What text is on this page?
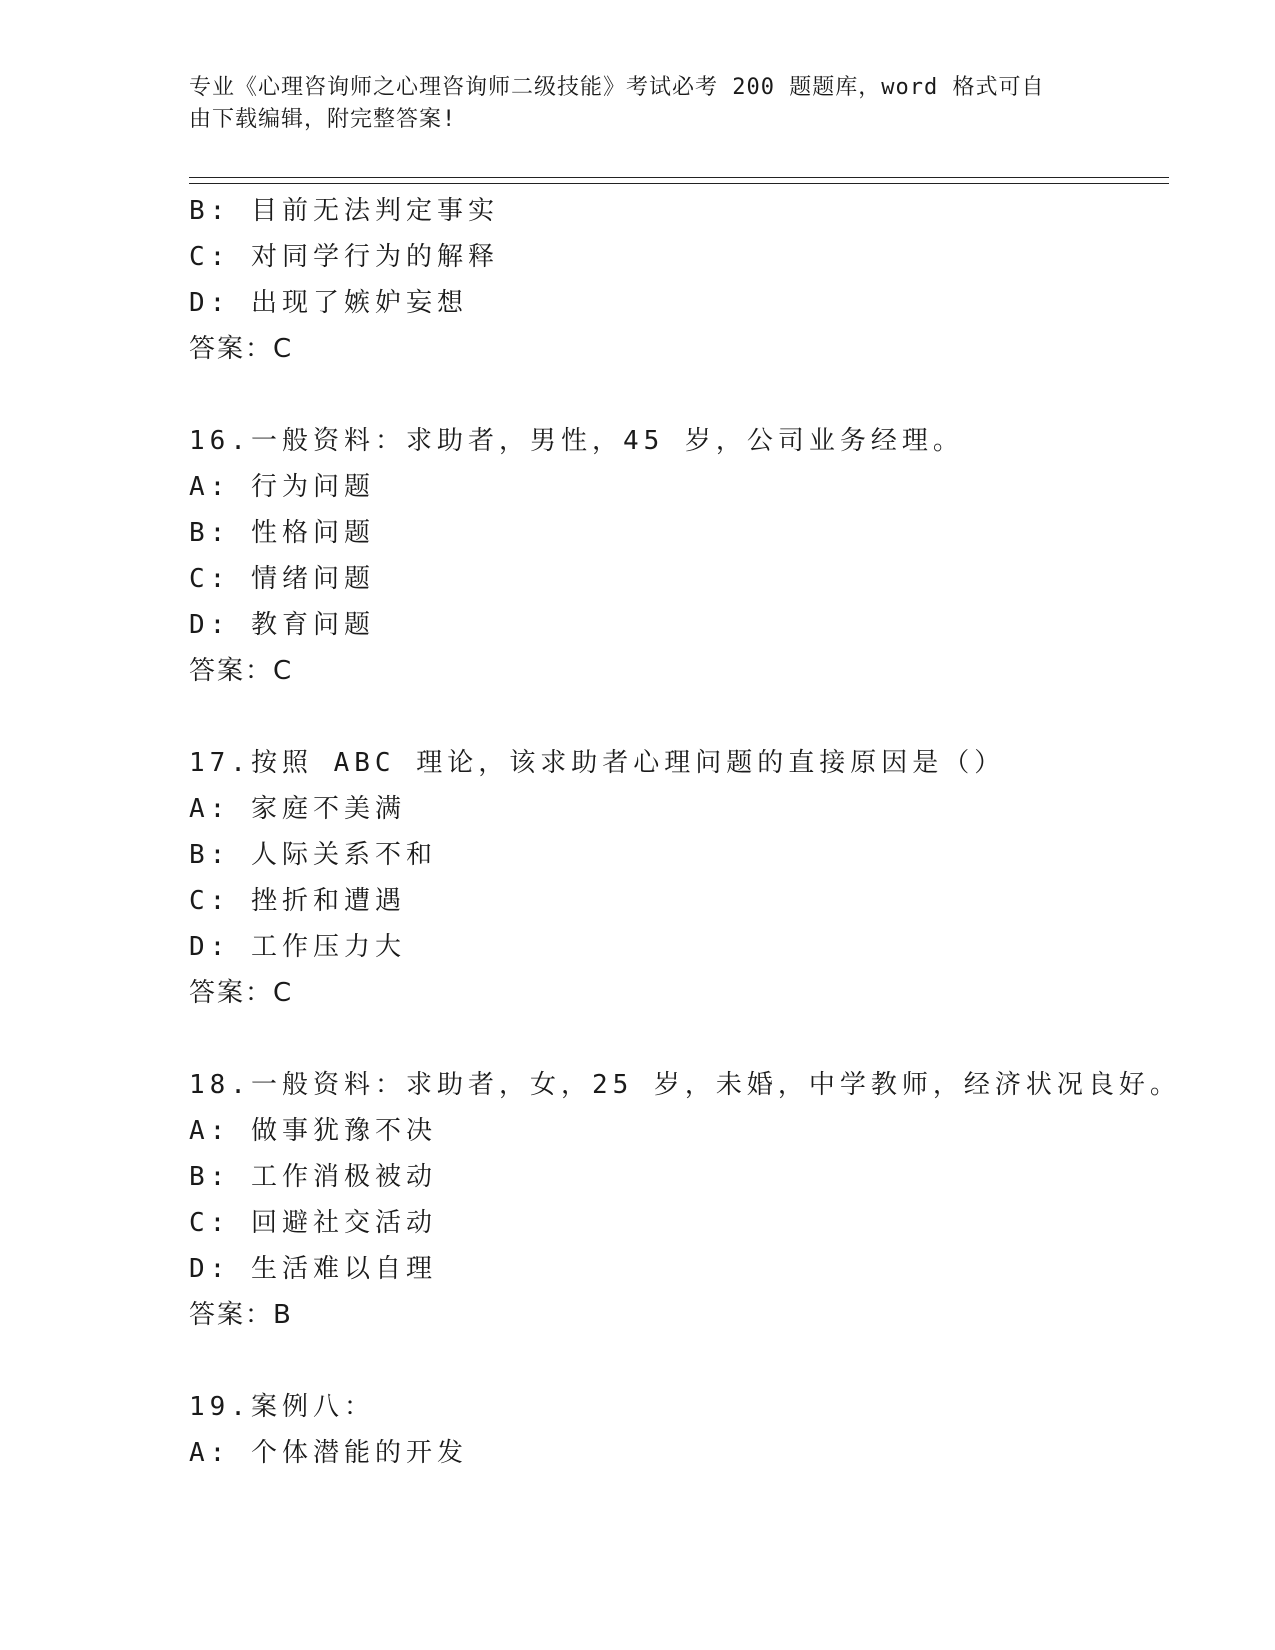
专业《心理咨询师之心理咨询师二级技能》考试必考 200 题题库，word 格式可自
由下载编辑，附完整答案!
B: 目前无法判定事实
C: 对同学行为的解释
D: 出现了嫉妒妄想
答案：C
16.一般资料：求助者，男性，45 岁，公司业务经理。
A: 行为问题
B: 性格问题
C: 情绪问题
D: 教育问题
答案：C
17.按照 ABC 理论，该求助者心理问题的直接原因是（）
A: 家庭不美满
B: 人际关系不和
C: 挫折和遭遇
D: 工作压力大
答案：C
18.一般资料：求助者，女，25 岁，未婚，中学教师，经济状况良好。
A: 做事犹豫不决
B: 工作消极被动
C: 回避社交活动
D: 生活难以自理
答案：B
19.案例八：
A: 个体潜能的开发
